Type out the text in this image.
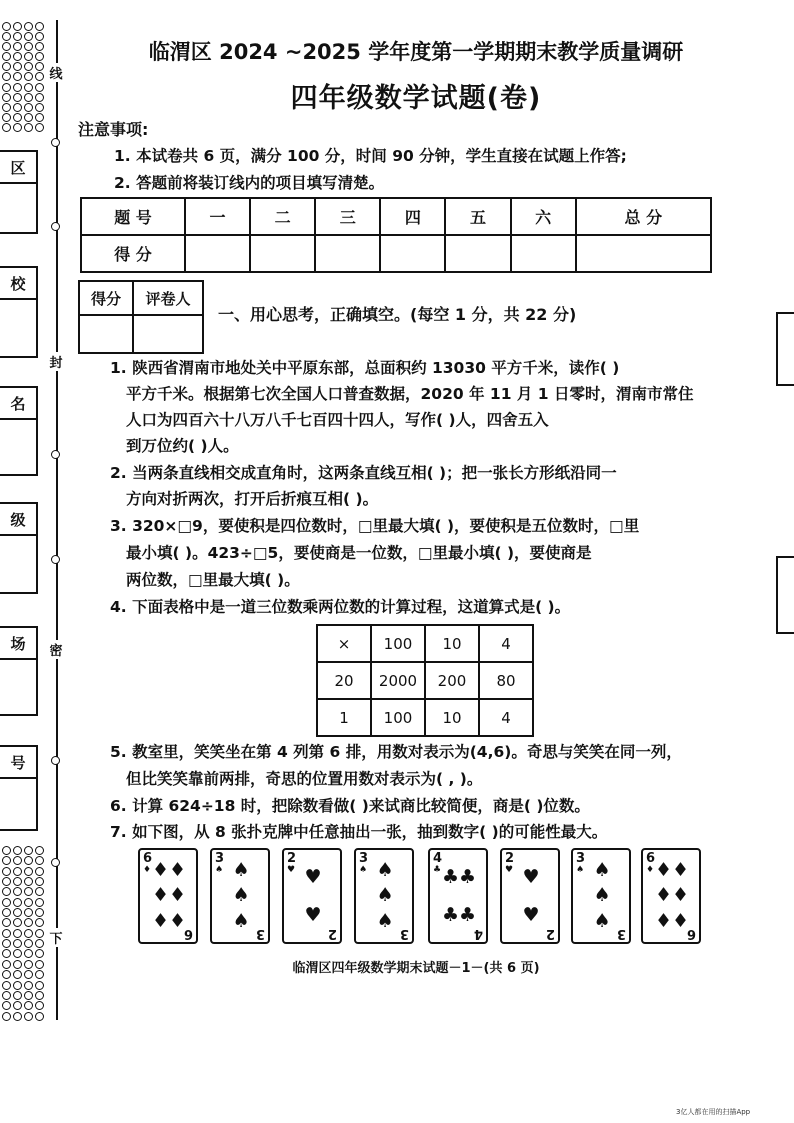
线
封
密
下
区
校
名
级
场
号
临渭区 2024 ~2025 学年度第一学期期末教学质量调研
四年级数学试题(卷)
注意事项:
1. 本试卷共 6 页，满分 100 分，时间 90 分钟，学生直接在试题上作答;
2. 答题前将装订线内的项目填写清楚。
题 号	一	二	三	四	五	六	总 分
得 分							
得分	评卷人

一、用心思考，正确填空。(每空 1 分，共 22 分)
1. 陕西省渭南市地处关中平原东部，总面积约 13030 平方千米，读作( )
平方千米。根据第七次全国人口普查数据，2020 年 11 月 1 日零时，渭南市常住
人口为四百六十八万八千七百四十四人，写作( )人，四舍五入
到万位约( )人。
2. 当两条直线相交成直角时，这两条直线互相( )；把一张长方形纸沿同一
方向对折两次，打开后折痕互相( )。
3. 320×□9，要使积是四位数时，□里最大填( )，要使积是五位数时，□里
最小填( )。423÷□5，要使商是一位数，□里最小填( )，要使商是
两位数，□里最大填( )。
4. 下面表格中是一道三位数乘两位数的计算过程，这道算式是( )。
×	100	10	4
20	2000	200	80
1	100	10	4
5. 教室里，笑笑坐在第 4 列第 6 排，用数对表示为(4,6)。奇思与笑笑在同一列，
但比笑笑靠前两排，奇思的位置用数对表示为( , )。
6. 计算 624÷18 时，把除数看做( )来试商比较简便，商是( )位数。
7. 如下图，从 8 张扑克牌中任意抽出一张，抽到数字( )的可能性最大。
6
♦ ♦ ♦
♦ ♦
♦ ♦
6
3
♠ ♠
♠
♠
3
2
♥ ♥
♥
2
3
♠ ♠
♠
♠
3
4
♣ ♣ ♣
♣ ♣
4
2
♥ ♥
♥
2
3
♠ ♠
♠
♠
3
6
♦ ♦ ♦
♦ ♦
♦ ♦
6
临渭区四年级数学期末试题－1－(共 6 页)
3亿人都在用的扫描App
